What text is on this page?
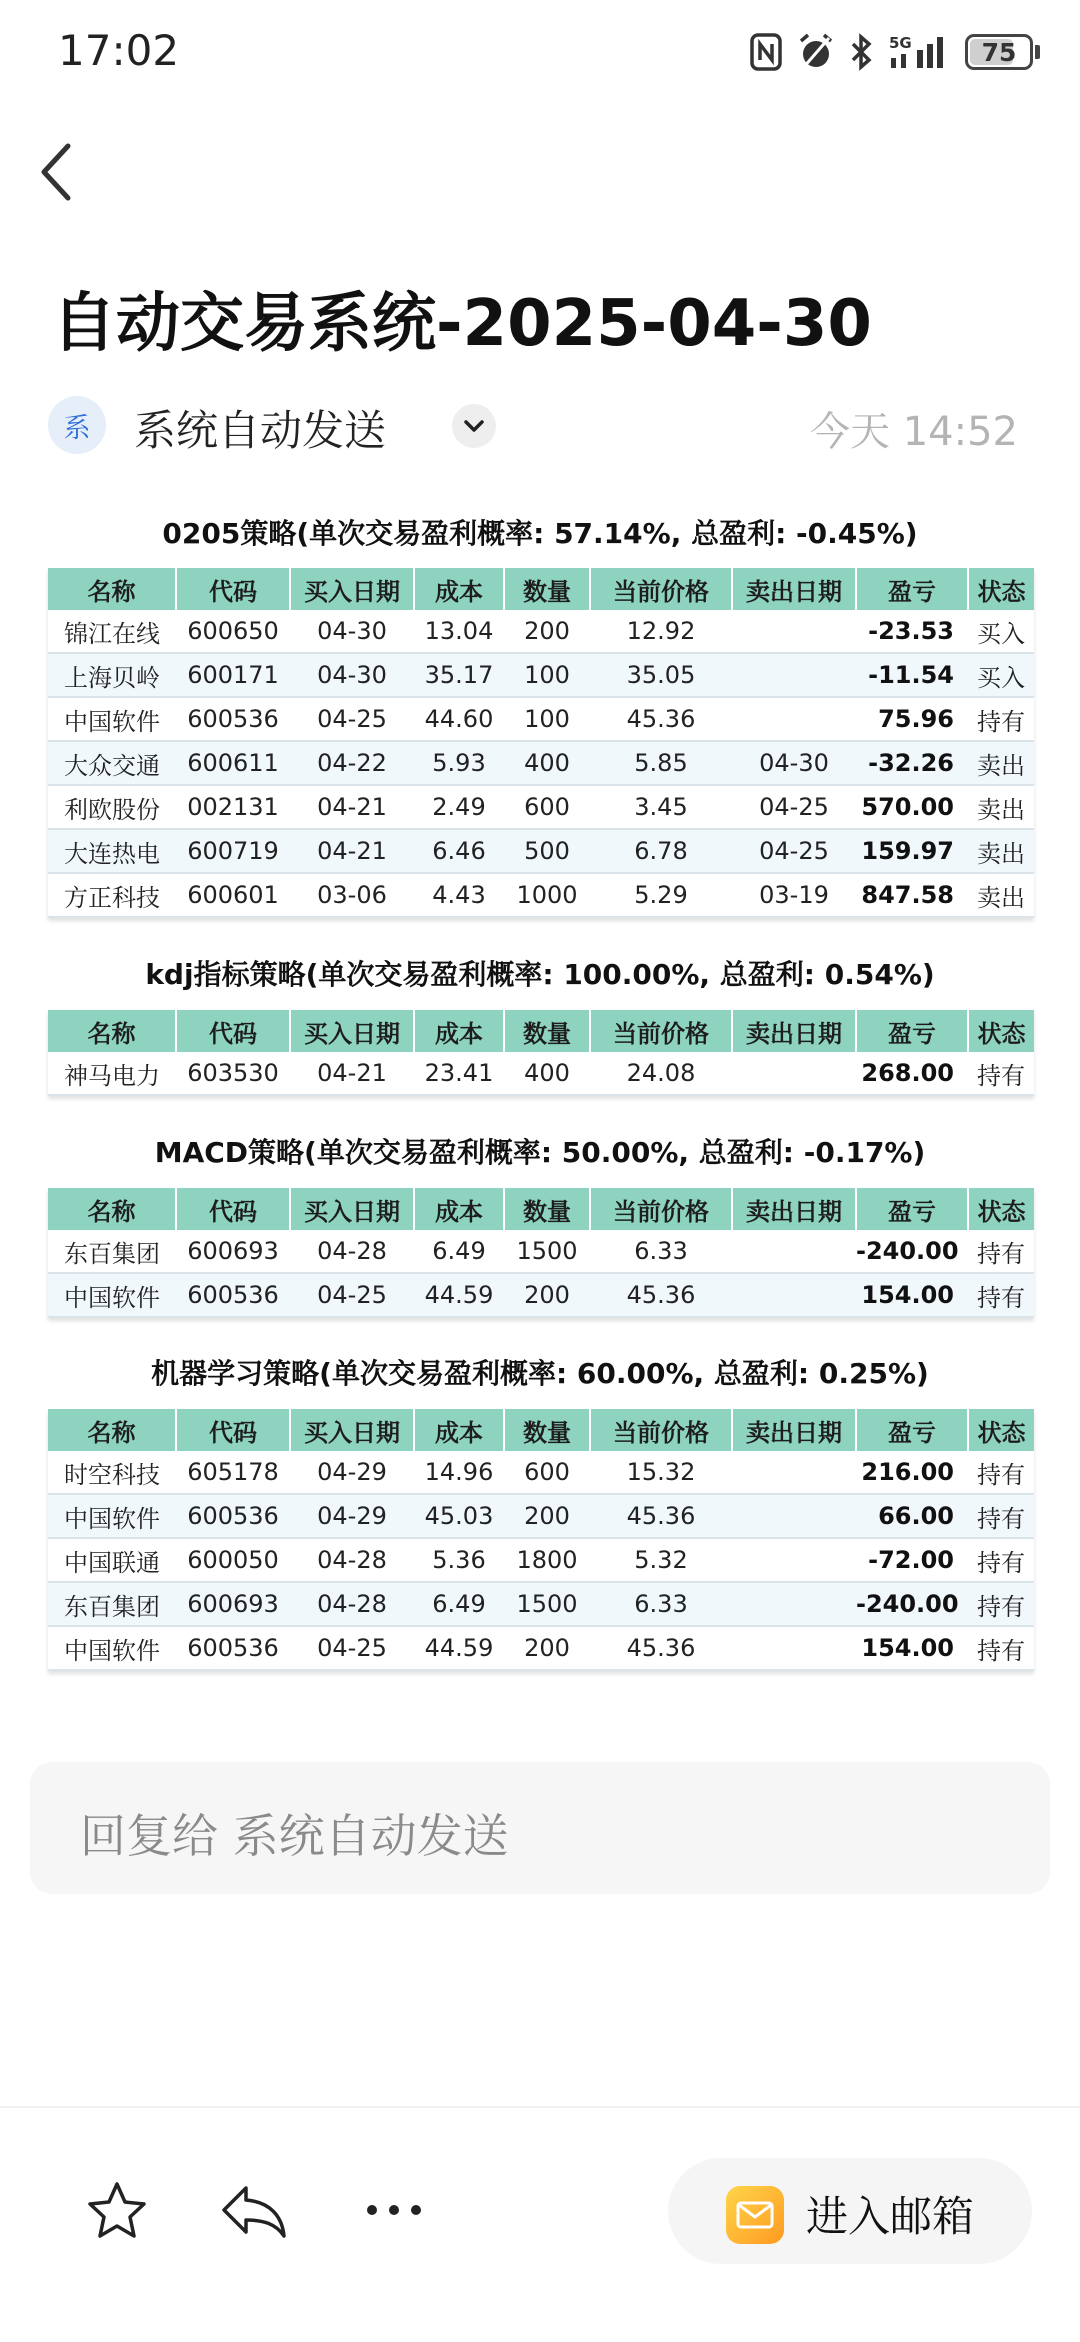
17:02	5G	75
自动交易系统-2025-04-30
系	系统自动发送	今天 14:52
0205策略(单次交易盈利概率: 57.14%, 总盈利: -0.45%)
名称	代码	买入日期	成本	数量	当前价格	卖出日期	盈亏	状态
锦江在线	600650	04-30	13.04	200	12.92		-23.53	买入
上海贝岭	600171	04-30	35.17	100	35.05		-11.54	买入
中国软件	600536	04-25	44.60	100	45.36		75.96	持有
大众交通	600611	04-22	5.93	400	5.85	04-30	-32.26	卖出
利欧股份	002131	04-21	2.49	600	3.45	04-25	570.00	卖出
大连热电	600719	04-21	6.46	500	6.78	04-25	159.97	卖出
方正科技	600601	03-06	4.43	1000	5.29	03-19	847.58	卖出
kdj指标策略(单次交易盈利概率: 100.00%, 总盈利: 0.54%)
名称	代码	买入日期	成本	数量	当前价格	卖出日期	盈亏	状态
神马电力	603530	04-21	23.41	400	24.08		268.00	持有
MACD策略(单次交易盈利概率: 50.00%, 总盈利: -0.17%)
名称	代码	买入日期	成本	数量	当前价格	卖出日期	盈亏	状态
东百集团	600693	04-28	6.49	1500	6.33		-240.00	持有
中国软件	600536	04-25	44.59	200	45.36		154.00	持有
机器学习策略(单次交易盈利概率: 60.00%, 总盈利: 0.25%)
名称	代码	买入日期	成本	数量	当前价格	卖出日期	盈亏	状态
时空科技	605178	04-29	14.96	600	15.32		216.00	持有
中国软件	600536	04-29	45.03	200	45.36		66.00	持有
中国联通	600050	04-28	5.36	1800	5.32		-72.00	持有
东百集团	600693	04-28	6.49	1500	6.33		-240.00	持有
中国软件	600536	04-25	44.59	200	45.36		154.00	持有
回复给 系统自动发送
进入邮箱
